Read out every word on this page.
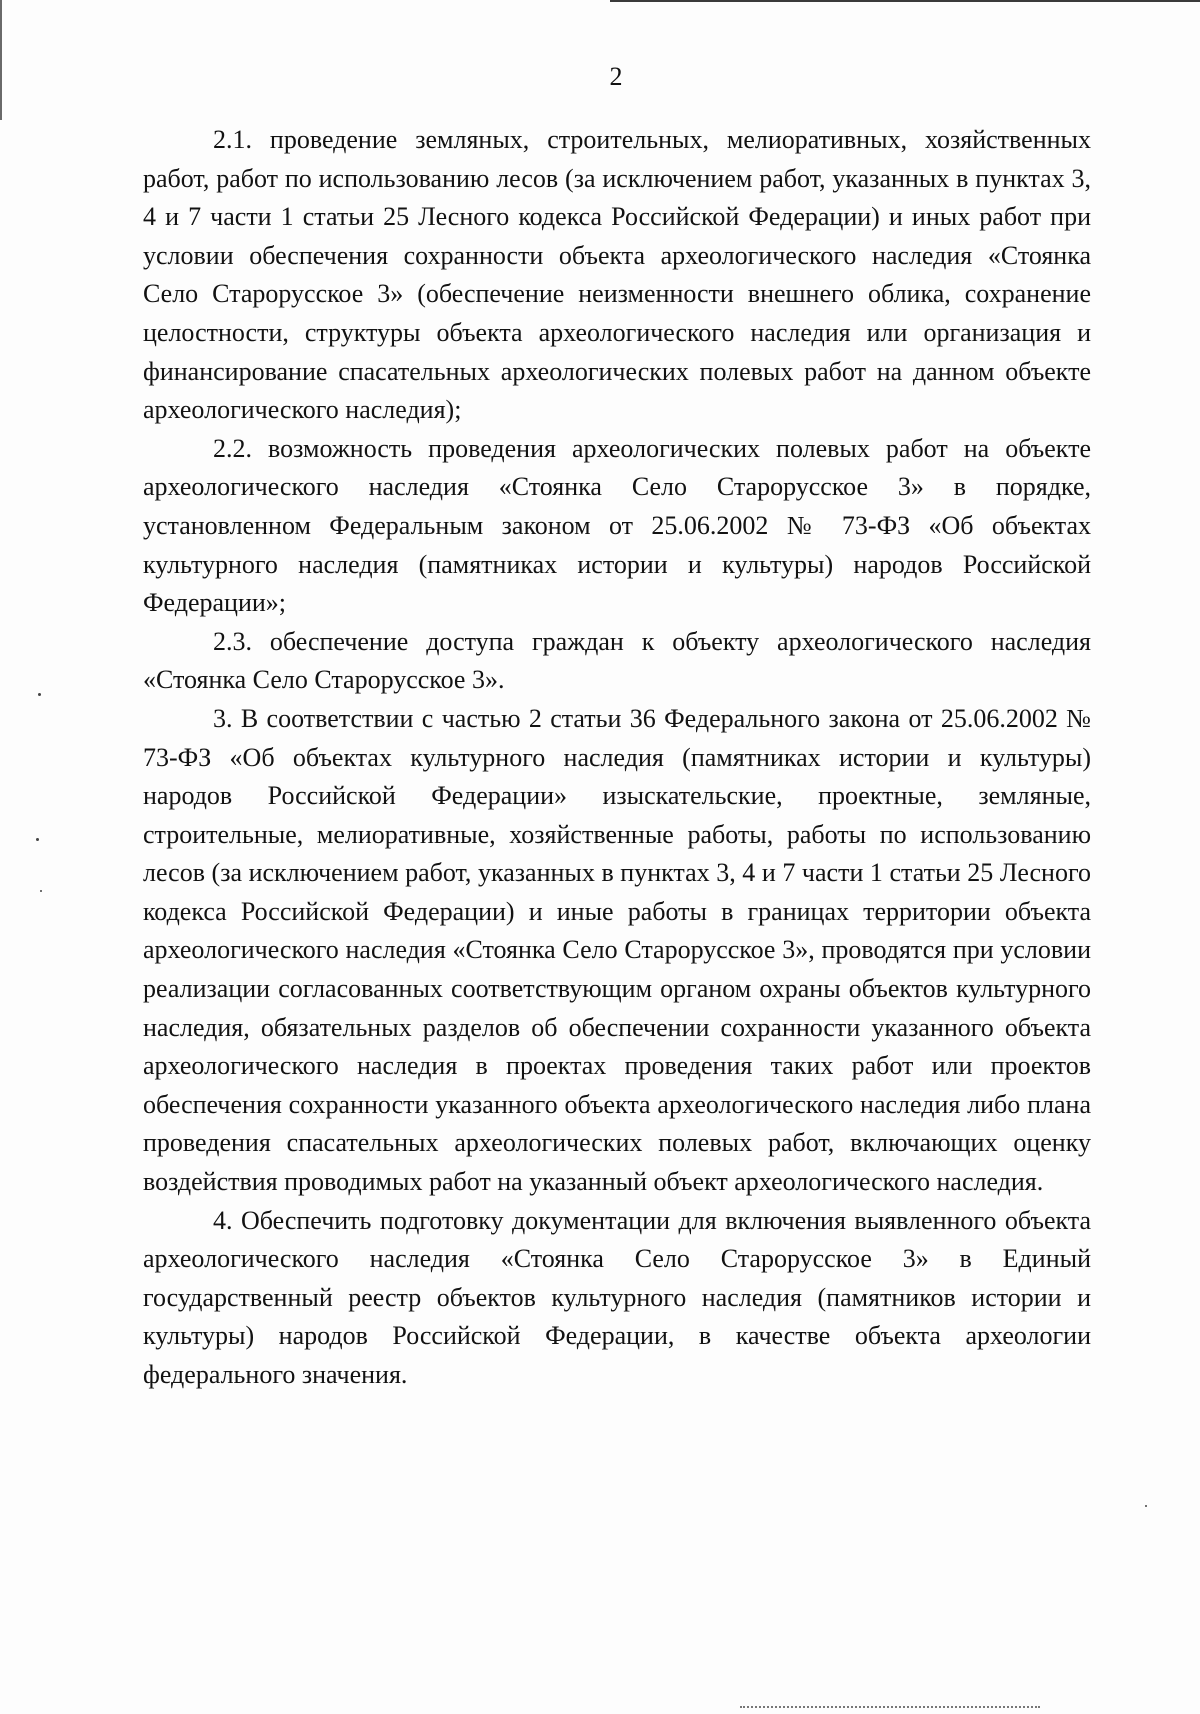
2

2.1. проведение земляных, строительных, мелиоративных, хозяйственных работ, работ по использованию лесов (за исключением работ, указанных в пунктах 3, 4 и 7 части 1 статьи 25 Лесного кодекса Российской Федерации) и иных работ при условии обеспечения сохранности объекта археологического наследия «Стоянка Село Старорусское 3» (обеспечение неизменности внешнего облика, сохранение целостности, структуры объекта археологического наследия или организация и финансирование спасательных археологических полевых работ на данном объекте археологического наследия);

2.2. возможность проведения археологических полевых работ на объекте археологического наследия «Стоянка Село Старорусское 3» в порядке, установленном Федеральным законом от 25.06.2002 № 73-ФЗ «Об объектах культурного наследия (памятниках истории и культуры) народов Российской Федерации»;

2.3. обеспечение доступа граждан к объекту археологического наследия «Стоянка Село Старорусское 3».

3. В соответствии с частью 2 статьи 36 Федерального закона от 25.06.2002 № 73-ФЗ «Об объектах культурного наследия (памятниках истории и культуры) народов Российской Федерации» изыскательские, проектные, земляные, строительные, мелиоративные, хозяйственные работы, работы по использованию лесов (за исключением работ, указанных в пунктах 3, 4 и 7 части 1 статьи 25 Лесного кодекса Российской Федерации) и иные работы в границах территории объекта археологического наследия «Стоянка Село Старорусское 3», проводятся при условии реализации согласованных соответствующим органом охраны объектов культурного наследия, обязательных разделов об обеспечении сохранности указанного объекта археологического наследия в проектах проведения таких работ или проектов обеспечения сохранности указанного объекта археологического наследия либо плана проведения спасательных археологических полевых работ, включающих оценку воздействия проводимых работ на указанный объект археологического наследия.

4. Обеспечить подготовку документации для включения выявленного объекта археологического наследия «Стоянка Село Старорусское 3» в Единый государственный реестр объектов культурного наследия (памятников истории и культуры) народов Российской Федерации, в качестве объекта археологии федерального значения.
